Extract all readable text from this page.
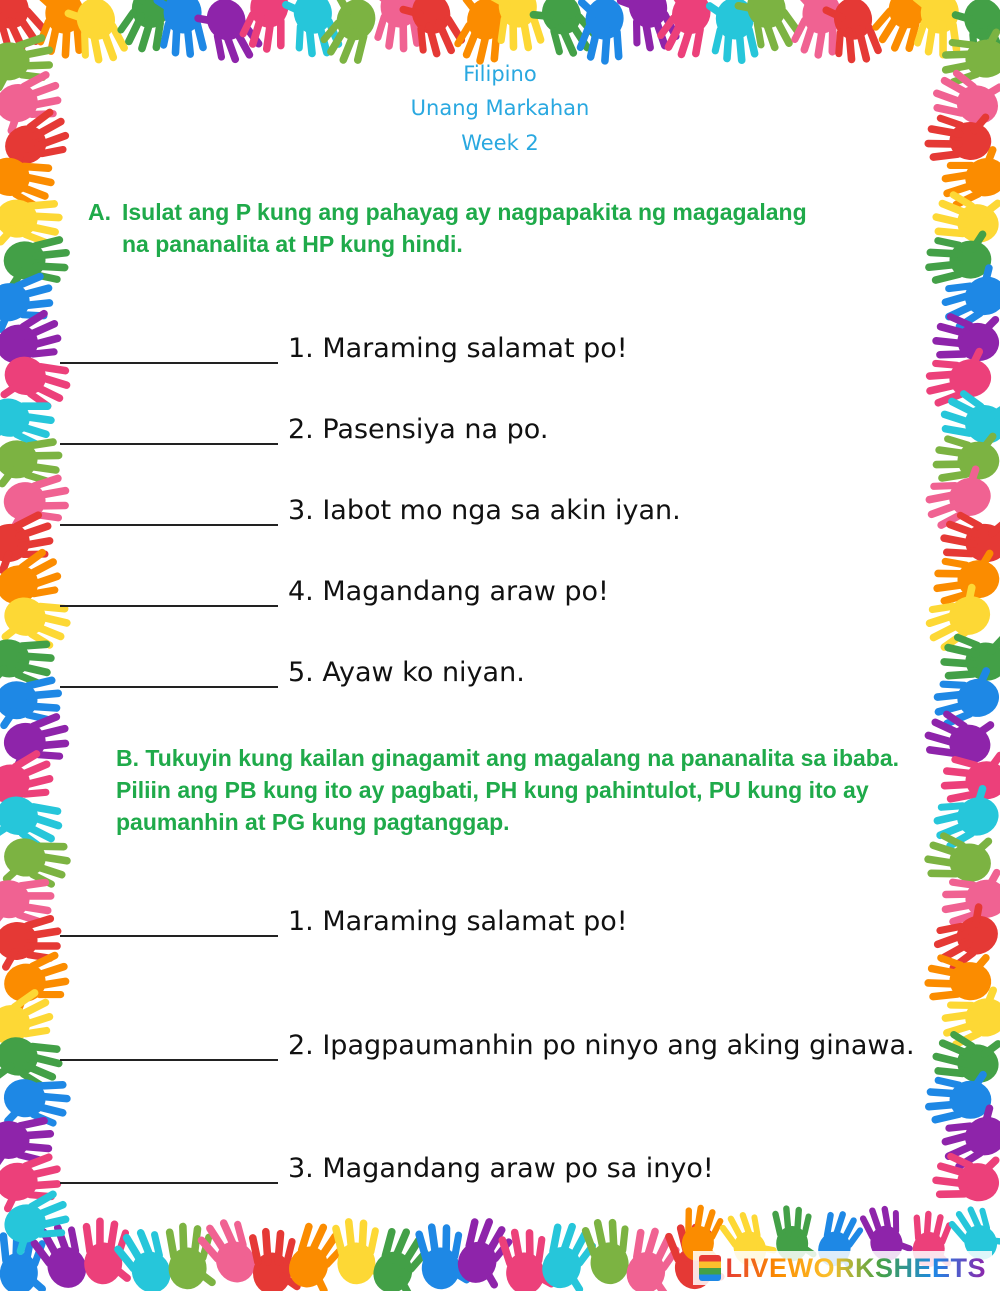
Filipino
Unang Markahan
Week 2
A. Isulat ang P kung ang pahayag ay nagpapakita ng magagalang na pananalita at HP kung hindi.
1. Maraming salamat po!
2. Pasensiya na po.
3. Iabot mo nga sa akin iyan.
4. Magandang araw po!
5. Ayaw ko niyan.
B. Tukuyin kung kailan ginagamit ang magalang na pananalita sa ibaba. Piliin ang PB kung ito ay pagbati, PH kung pahintulot, PU kung ito ay paumanhin at PG kung pagtanggap.
1. Maraming salamat po!
2. Ipagpaumanhin po ninyo ang aking ginawa.
3. Magandang araw po sa inyo!
LIVEWORKSHEETS
